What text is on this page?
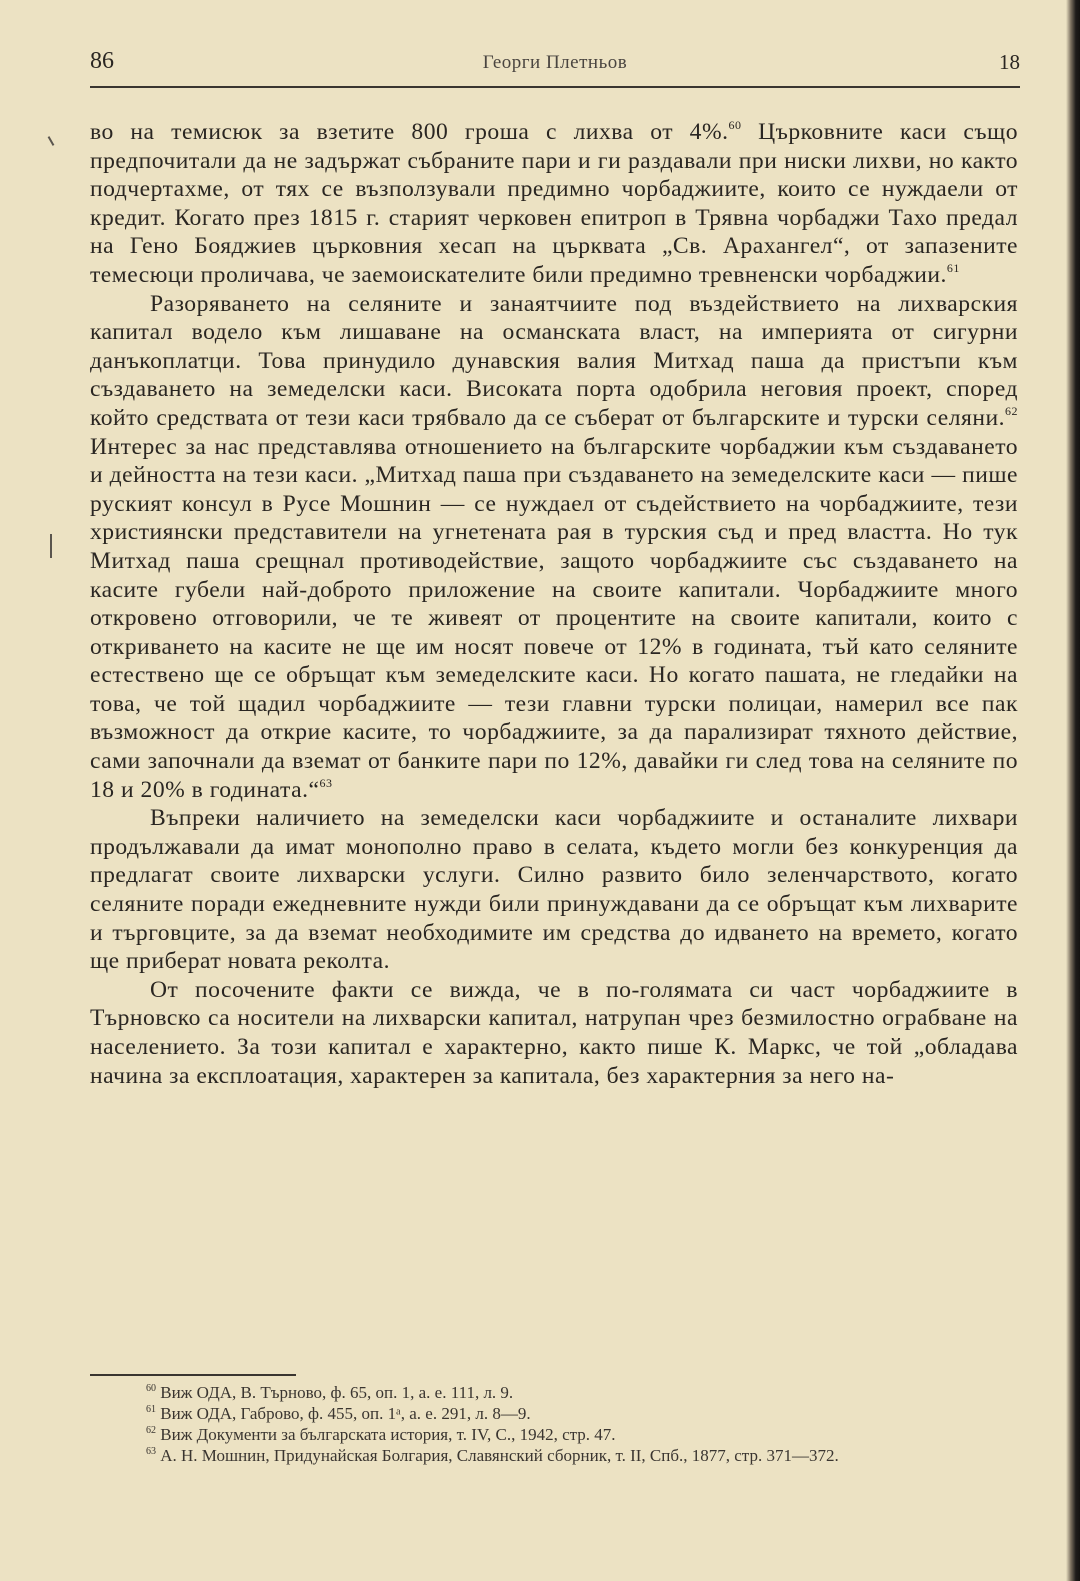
86	Георги Плетньов	18

во на темисюк за взетите 800 гроша с лихва от 4%.$^{60}$ Църковните каси също предпочитали да не задържат събраните пари и ги раздавали при ниски лихви, но както подчертахме, от тях се възползували предимно чорбаджиите, които се нуждаели от кредит. Когато през 1815 г. старият черковен епитроп в Трявна чорбаджи Тахо предал на Гено Бояджиев църковния хесап на църквата „Св. Арахангел“, от запазените темесюци проличава, че заемоискателите били предимно тревненски чорбаджии.$^{61}$

Разоряването на селяните и занаятчиите под въздействието на лихварския капитал водело към лишаване на османската власт, на империята от сигурни данъкоплатци. Това принудило дунавския валия Митхад паша да пристъпи към създаването на земеделски каси. Високата порта одобрила неговия проект, според който средствата от тези каси трябвало да се съберат от българските и турски селяни.$^{62}$ Интерес за нас представлява отношението на българските чорбаджии към създаването и дейността на тези каси. „Митхад паша при създаването на земеделските каси — пише руският консул в Русе Мошнин — се нуждаел от съдействието на чорбаджиите, тези християнски представители на угнетената рая в турския съд и пред властта. Но тук Митхад паша срещнал противодействие, защото чорбаджиите със създаването на касите губели най-доброто приложение на своите капитали. Чорбаджиите много откровено отговорили, че те живеят от процентите на своите капитали, които с откриването на касите не ще им носят повече от 12% в годината, тъй като селяните естествено ще се обръщат към земеделските каси. Но когато пашата, не гледайки на това, че той щадил чорбаджиите — тези главни турски полицаи, намерил все пак възможност да открие касите, то чорбаджиите, за да парализират тяхното действие, сами започнали да вземат от банките пари по 12%, давайки ги след това на селяните по 18 и 20% в годината.“$^{63}$

Въпреки наличието на земеделски каси чорбаджиите и останалите лихвари продължавали да имат монополно право в селата, където могли без конкуренция да предлагат своите лихварски услуги. Силно развито било зеленчарството, когато селяните поради ежедневните нужди били принуждавани да се обръщат към лихварите и търговците, за да вземат необходимите им средства до идването на времето, когато ще приберат новата реколта.

От посочените факти се вижда, че в по-голямата си част чорбаджиите в Търновско са носители на лихварски капитал, натрупан чрез безмилостно ограбване на населението. За този капитал е характерно, както пише К. Маркс, че той „обладава начина за експлоатация, характерен за капитала, без характерния за него на-

$^{60}$ Виж ОДА, В. Търново, ф. 65, оп. 1, а. е. 111, л. 9.

$^{61}$ Виж ОДА, Габрово, ф. 455, оп. 1ᵃ, а. е. 291, л. 8—9.

$^{62}$ Виж Документи за българската история, т. IV, С., 1942, стр. 47.

$^{63}$ А. Н. Мошнин, Придунайская Болгария, Славянский сборник, т. II, Спб., 1877, стр. 371—372.
